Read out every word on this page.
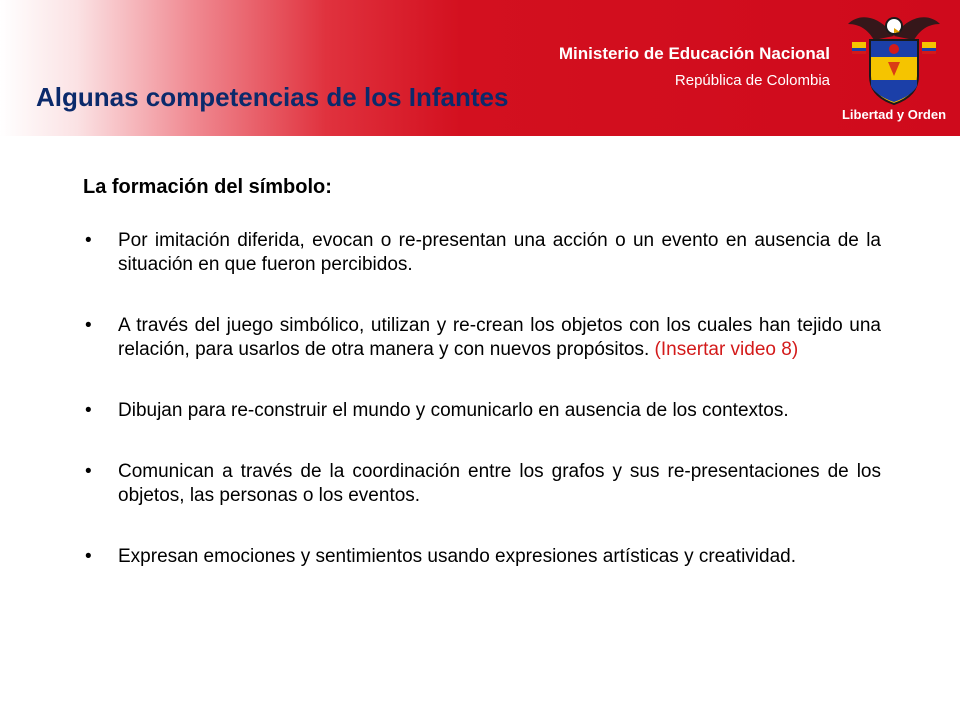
Ministerio de Educación Nacional
República de Colombia
Algunas competencias de los Infantes
Libertad y Orden
La formación del símbolo:
• Por imitación diferida, evocan o re-presentan una acción o un evento en ausencia de la situación en que fueron percibidos.
• A través del juego simbólico, utilizan y re-crean los objetos con los cuales han tejido una relación, para usarlos de otra manera y con nuevos propósitos. (Insertar video 8)
• Dibujan para re-construir el mundo y comunicarlo en ausencia de los contextos.
• Comunican a través de la coordinación entre los grafos y sus re-presentaciones de los objetos, las personas o los eventos.
• Expresan emociones y sentimientos usando expresiones artísticas y creatividad.
